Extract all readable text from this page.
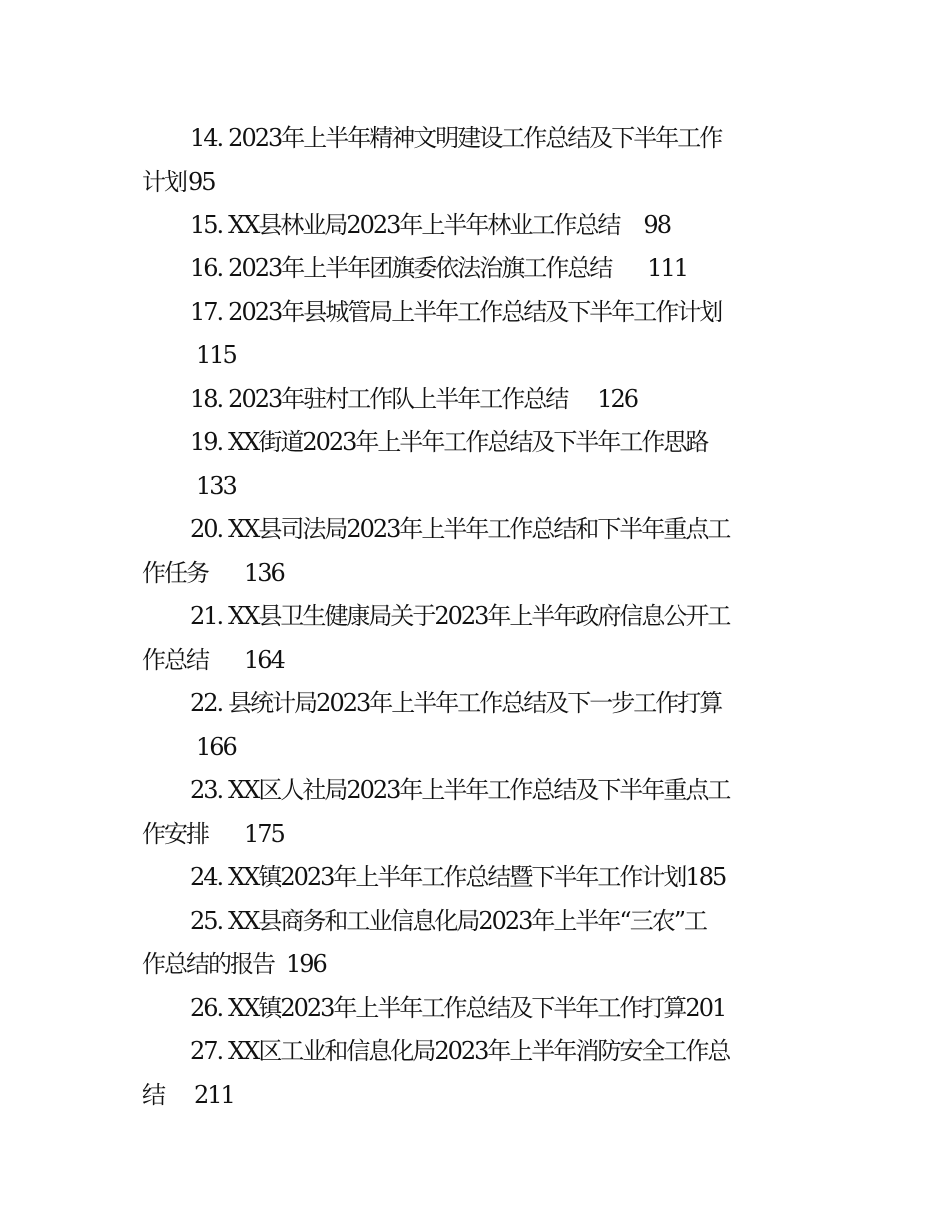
14. 2023年上半年精神文明建设工作总结及下半年工作
计划95
15. XX县林业局2023年上半年林业工作总结 98
16. 2023年上半年团旗委依法治旗工作总结 111
17. 2023年县城管局上半年工作总结及下半年工作计划
115
18. 2023年驻村工作队上半年工作总结 126
19. XX街道2023年上半年工作总结及下半年工作思路
133
20. XX县司法局2023年上半年工作总结和下半年重点工
作任务 136
21. XX县卫生健康局关于2023年上半年政府信息公开工
作总结 164
22. 县统计局2023年上半年工作总结及下一步工作打算
166
23. XX区人社局2023年上半年工作总结及下半年重点工
作安排 175
24. XX镇2023年上半年工作总结暨下半年工作计划185
25. XX县商务和工业信息化局2023年上半年“三农”工
作总结的报告 196
26. XX镇2023年上半年工作总结及下半年工作打算201
27. XX区工业和信息化局2023年上半年消防安全工作总
结 211
